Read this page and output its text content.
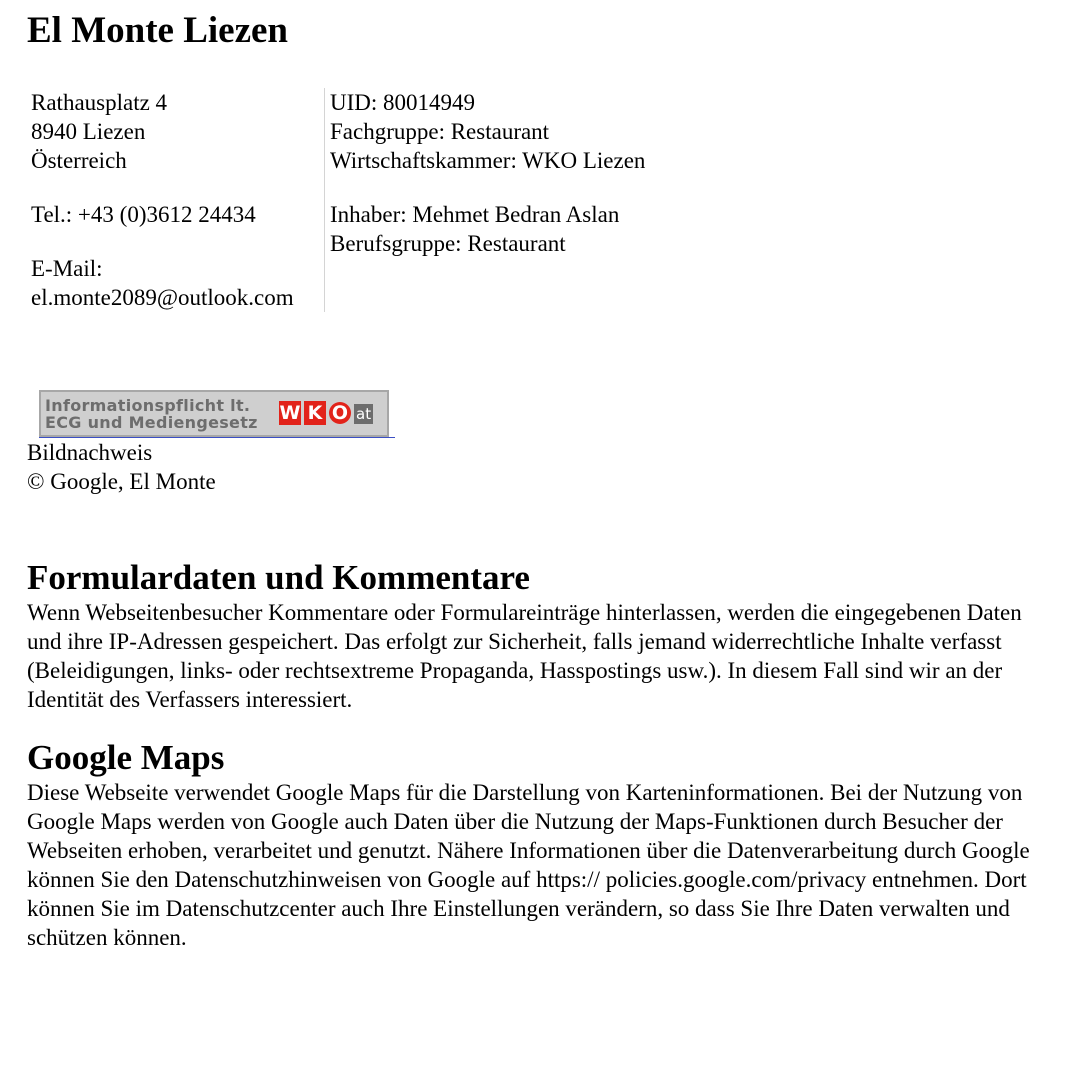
El Monte Liezen
Rathausplatz 4
8940 Liezen
Österreich
Tel.: +43 (0)3612 24434
E-Mail:
el.monte2089@outlook.com

UID: 80014949
Fachgruppe: Restaurant
Wirtschaftskammer: WKO Liezen
Inhaber: Mehmet Bedran Aslan
Berufsgruppe: Restaurant
Informationspflicht lt.
ECG und Mediengesetz W K O at

Bildnachweis

© Google, El Monte

Formulardaten und Kommentare

Wenn Webseitenbesucher Kommentare oder Formulareinträge hinterlassen, werden die eingegebenen Daten und ihre IP-Adressen gespeichert. Das erfolgt zur Sicherheit, falls jemand widerrechtliche Inhalte verfasst (Beleidigungen, links- oder rechtsextreme Propaganda, Hasspostings usw.). In diesem Fall sind wir an der Identität des Verfassers interessiert.

Google Maps

Diese Webseite verwendet Google Maps für die Darstellung von Karteninformationen. Bei der Nutzung von Google Maps werden von Google auch Daten über die Nutzung der Maps-Funktionen durch Besucher der Webseiten erhoben, verarbeitet und genutzt. Nähere Informationen über die Datenverarbeitung durch Google können Sie den Datenschutzhinweisen von Google auf https:// policies.google.com/privacy entnehmen. Dort können Sie im Datenschutzcenter auch Ihre Einstellungen verändern, so dass Sie Ihre Daten verwalten und schützen können.
